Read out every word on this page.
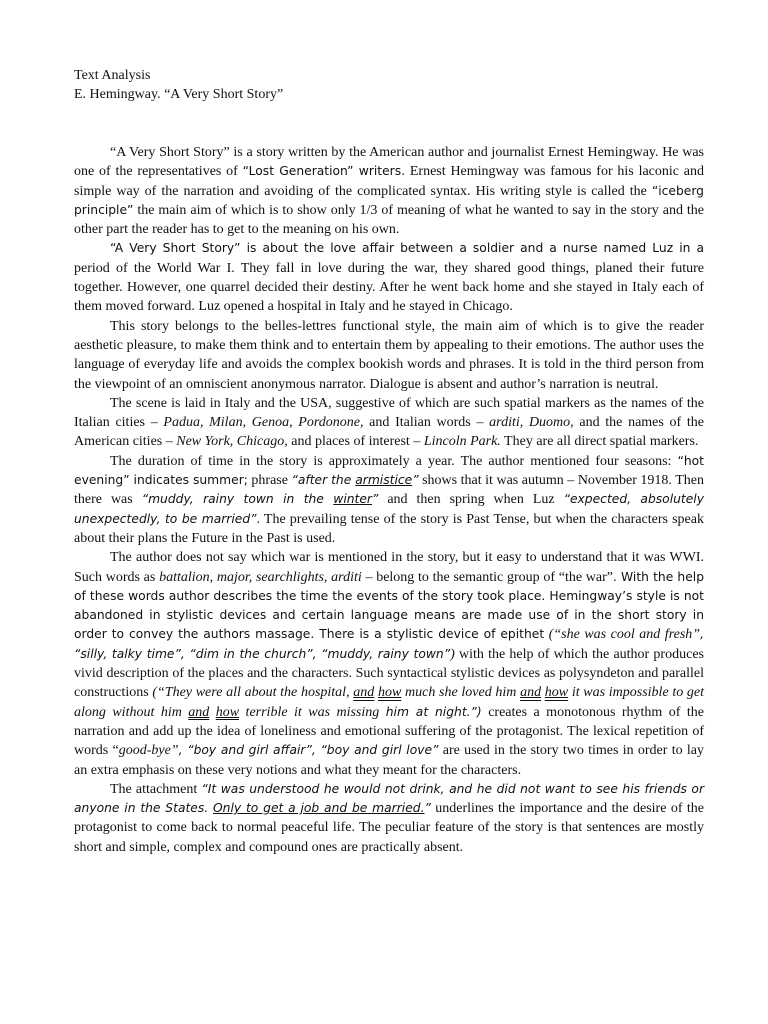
Text Analysis

E. Hemingway. “A Very Short Story”

“A Very Short Story” is a story written by the American author and journalist Ernest Hemingway. He was one of the representatives of “Lost Generation” writers. Ernest Hemingway was famous for his laconic and simple way of the narration and avoiding of the complicated syntax. His writing style is called the “iceberg principle” the main aim of which is to show only 1/3 of meaning of what he wanted to say in the story and the other part the reader has to get to the meaning on his own.

“A Very Short Story” is about the love affair between a soldier and a nurse named Luz in a period of the World War I. They fall in love during the war, they shared good things, planed their future together. However, one quarrel decided their destiny. After he went back home and she stayed in Italy each of them moved forward. Luz opened a hospital in Italy and he stayed in Chicago.

This story belongs to the belles-lettres functional style, the main aim of which is to give the reader aesthetic pleasure, to make them think and to entertain them by appealing to their emotions. The author uses the language of everyday life and avoids the complex bookish words and phrases. It is told in the third person from the viewpoint of an omniscient anonymous narrator. Dialogue is absent and author’s narration is neutral.

The scene is laid in Italy and the USA, suggestive of which are such spatial markers as the names of the Italian cities – Padua, Milan, Genoa, Pordonone, and Italian words – arditi, Duomo, and the names of the American cities – New York, Chicago, and places of interest – Lincoln Park. They are all direct spatial markers.

The duration of time in the story is approximately a year. The author mentioned four seasons: “hot evening” indicates summer; phrase “after the armistice” shows that it was autumn – November 1918. Then there was “muddy, rainy town in the winter” and then spring when Luz “expected, absolutely unexpectedly, to be married”. The prevailing tense of the story is Past Tense, but when the characters speak about their plans the Future in the Past is used.

The author does not say which war is mentioned in the story, but it easy to understand that it was WWI. Such words as battalion, major, searchlights, arditi – belong to the semantic group of “the war”. With the help of these words author describes the time the events of the story took place. Hemingway’s style is not abandoned in stylistic devices and certain language means are made use of in the short story in order to convey the authors massage. There is a stylistic device of epithet (“she was cool and fresh”, “silly, talky time”, “dim in the church”, “muddy, rainy town”) with the help of which the author produces vivid description of the places and the characters. Such syntactical stylistic devices as polysyndeton and parallel constructions (“They were all about the hospital, and how much she loved him and how it was impossible to get along without him and how terrible it was missing him at night.”) creates a monotonous rhythm of the narration and add up the idea of loneliness and emotional suffering of the protagonist. The lexical repetition of words “good-bye”, “boy and girl affair”, “boy and girl love” are used in the story two times in order to lay an extra emphasis on these very notions and what they meant for the characters.

The attachment “It was understood he would not drink, and he did not want to see his friends or anyone in the States. Only to get a job and be married.” underlines the importance and the desire of the protagonist to come back to normal peaceful life. The peculiar feature of the story is that sentences are mostly short and simple, complex and compound ones are practically absent.
